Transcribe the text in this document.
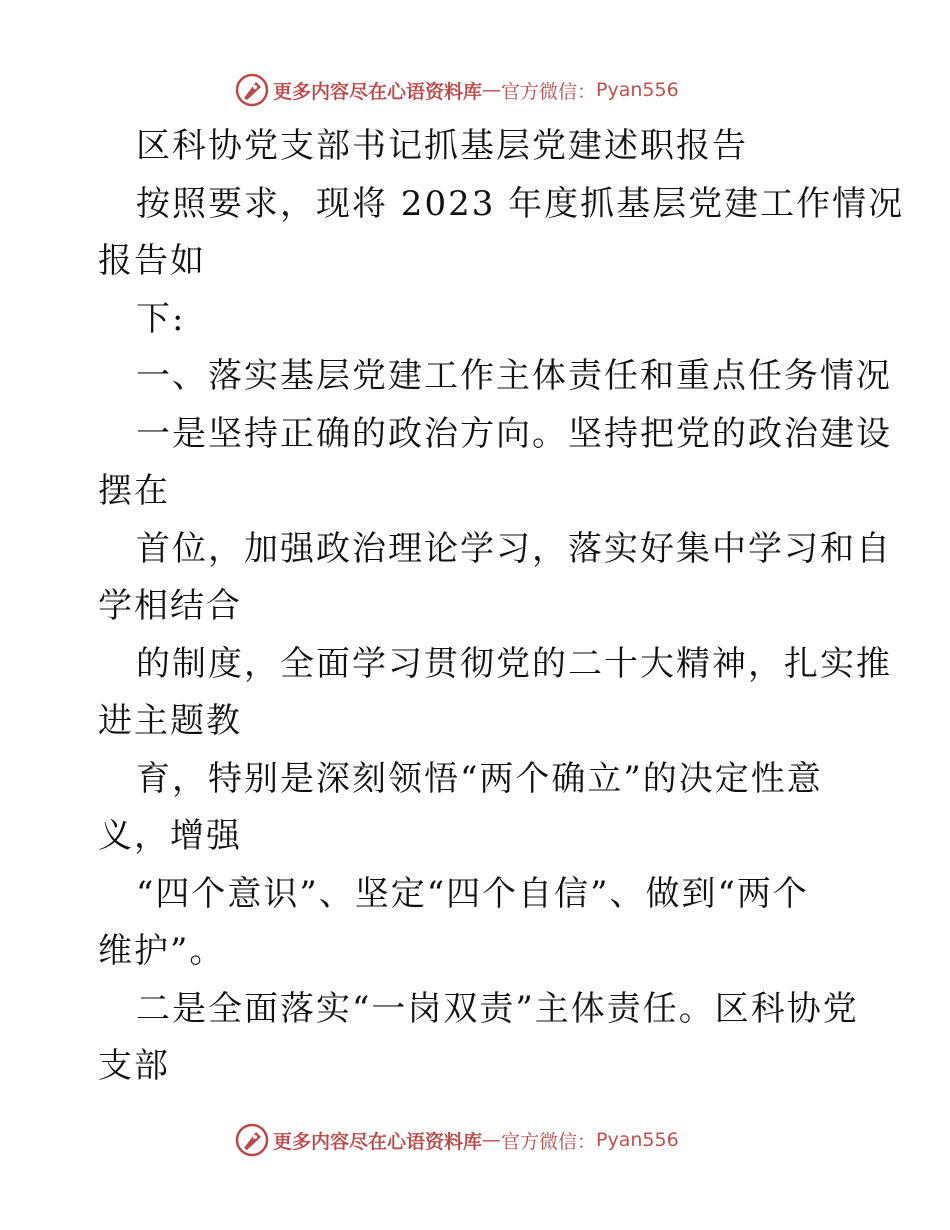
更多内容尽在心语资料库 — 官方微信： Pyan556
区科协党支部书记抓基层党建述职报告
按照要求，现将 2023 年度抓基层党建工作情况
报告如
下:
一、落实基层党建工作主体责任和重点任务情况
一是坚持正确的政治方向。坚持把党的政治建设
摆在
首位，加强政治理论学习，落实好集中学习和自
学相结合
的制度，全面学习贯彻党的二十大精神，扎实推
进主题教
育，特别是深刻领悟“两个确立”的决定性意
义，增强
“四个意识”、坚定“四个自信”、做到“两个
维护”。
二是全面落实“一岗双责”主体责任。区科协党
支部
更多内容尽在心语资料库 — 官方微信： Pyan556
